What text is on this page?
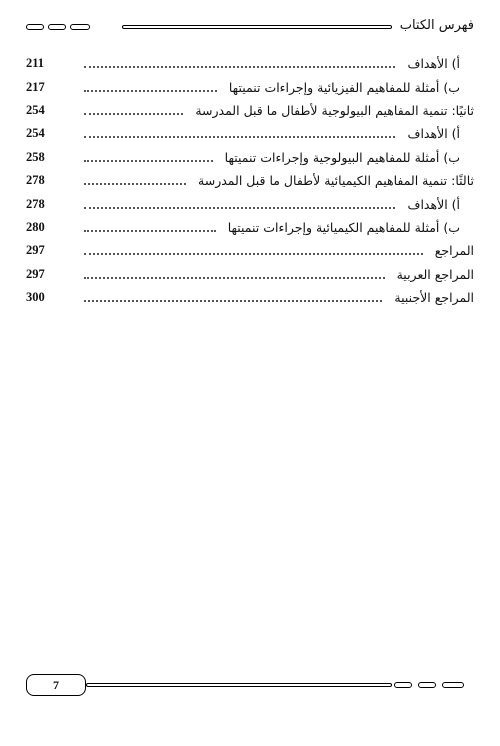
فهرس الكتاب
أ) الأهداف
211
ب) أمثلة للمفاهيم الفيزيائية وإجراءات تنميتها
217
ثانيًا: تنمية المفاهيم البيولوجية لأطفال ما قبل المدرسة
254
أ) الأهداف
254
ب) أمثلة للمفاهيم البيولوجية وإجراءات تنميتها
258
ثالثًا: تنمية المفاهيم الكيميائية لأطفال ما قبل المدرسة
278
أ) الأهداف
278
ب) أمثلة للمفاهيم الكيميائية وإجراءات تنميتها
280
المراجع
297
المراجع العربية
297
المراجع الأجنبية
300
7
